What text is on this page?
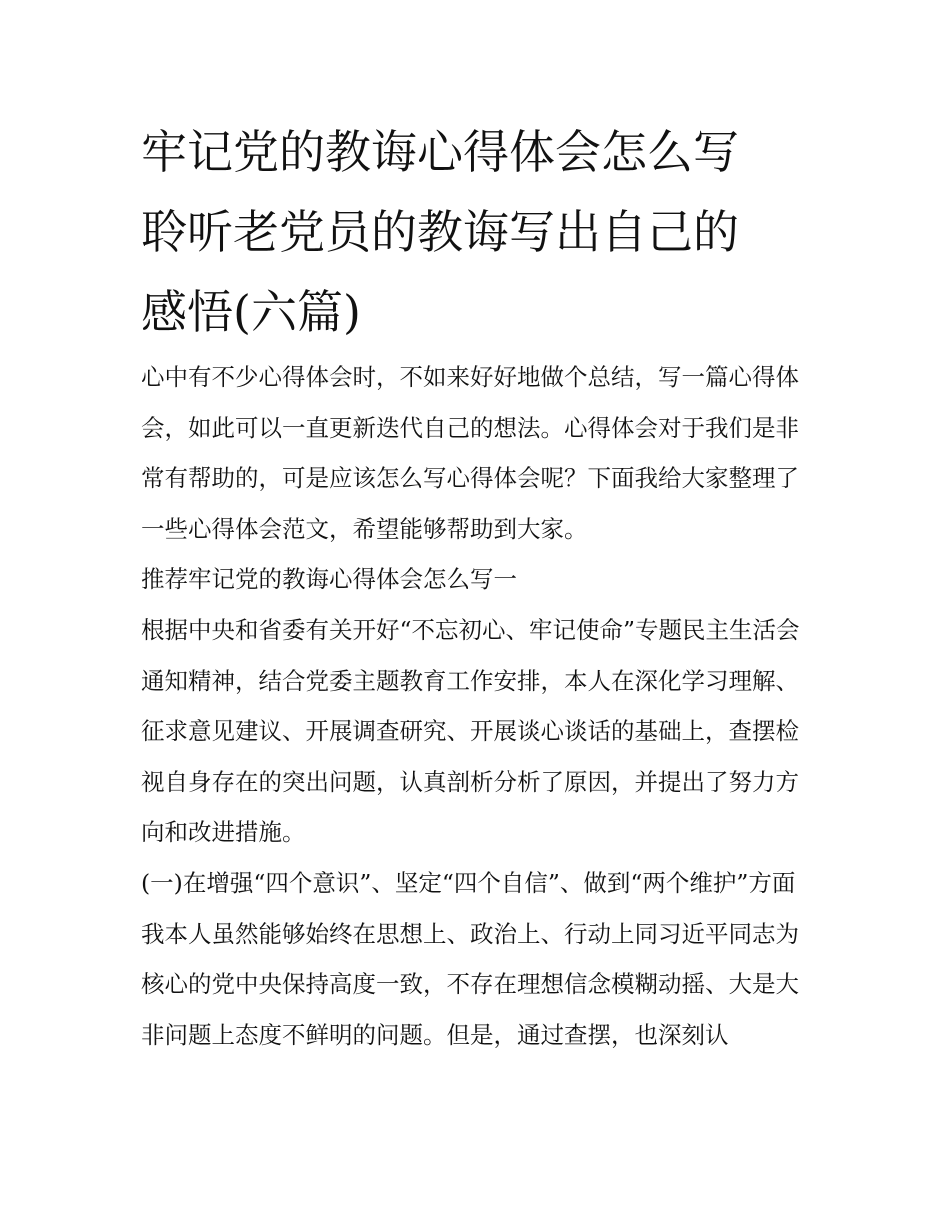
牢记党的教诲心得体会怎么写
聆听老党员的教诲写出自己的
感悟(六篇)

心中有不少心得体会时，不如来好好地做个总结，写一篇心得体会，如此可以一直更新迭代自己的想法。心得体会对于我们是非常有帮助的，可是应该怎么写心得体会呢？下面我给大家整理了一些心得体会范文，希望能够帮助到大家。

推荐牢记党的教诲心得体会怎么写一

根据中央和省委有关开好“不忘初心、牢记使命”专题民主生活会通知精神，结合党委主题教育工作安排，本人在深化学习理解、征求意见建议、开展调查研究、开展谈心谈话的基础上，查摆检视自身存在的突出问题，认真剖析分析了原因，并提出了努力方向和改进措施。

(一)在增强“四个意识”、坚定“四个自信”、做到“两个维护”方面

我本人虽然能够始终在思想上、政治上、行动上同习近平同志为核心的党中央保持高度一致，不存在理想信念模糊动摇、大是大非问题上态度不鲜明的问题。但是，通过查摆，也深刻认
